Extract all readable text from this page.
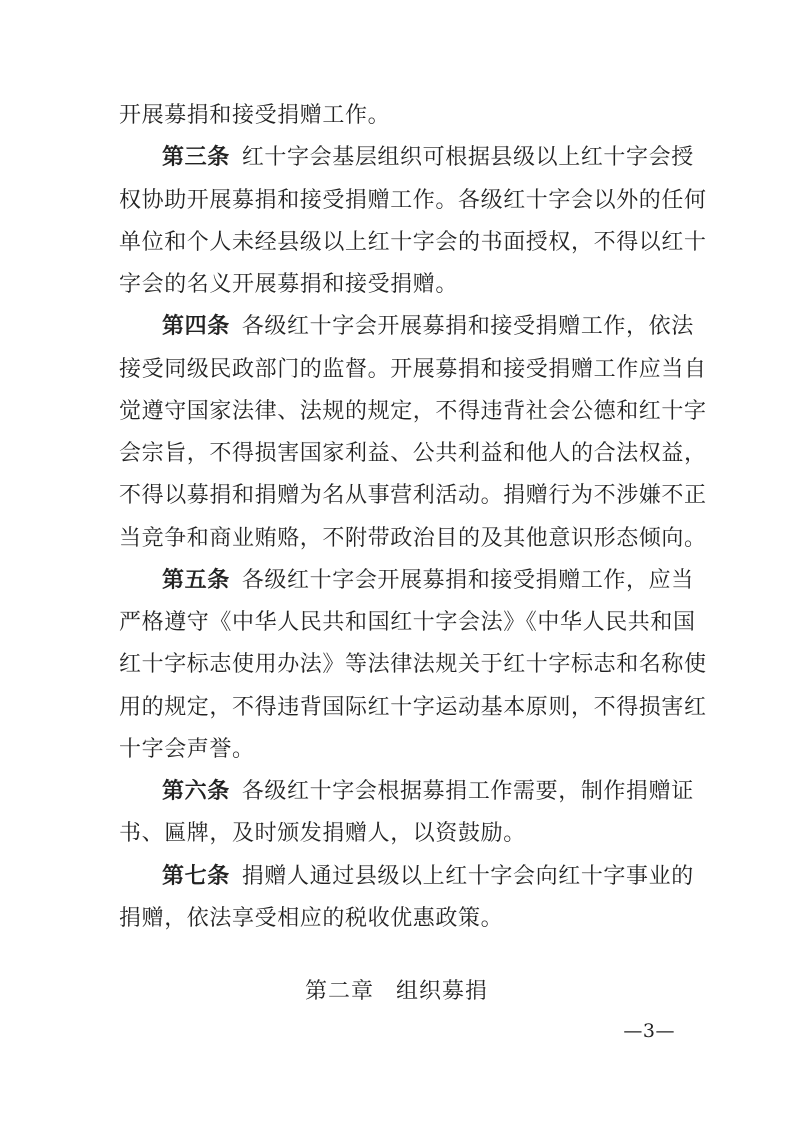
开展募捐和接受捐赠工作。
第三条 红十字会基层组织可根据县级以上红十字会授
权协助开展募捐和接受捐赠工作。各级红十字会以外的任何
单位和个人未经县级以上红十字会的书面授权，不得以红十
字会的名义开展募捐和接受捐赠。
第四条 各级红十字会开展募捐和接受捐赠工作，依法
接受同级民政部门的监督。开展募捐和接受捐赠工作应当自
觉遵守国家法律、法规的规定，不得违背社会公德和红十字
会宗旨，不得损害国家利益、公共利益和他人的合法权益，
不得以募捐和捐赠为名从事营利活动。捐赠行为不涉嫌不正
当竞争和商业贿赂，不附带政治目的及其他意识形态倾向。
第五条 各级红十字会开展募捐和接受捐赠工作，应当
严格遵守《中华人民共和国红十字会法》《中华人民共和国
红十字标志使用办法》等法律法规关于红十字标志和名称使
用的规定，不得违背国际红十字运动基本原则，不得损害红
十字会声誉。
第六条 各级红十字会根据募捐工作需要，制作捐赠证
书、匾牌，及时颁发捐赠人，以资鼓励。
第七条 捐赠人通过县级以上红十字会向红十字事业的
捐赠，依法享受相应的税收优惠政策。
第二章 组织募捐
—3—
